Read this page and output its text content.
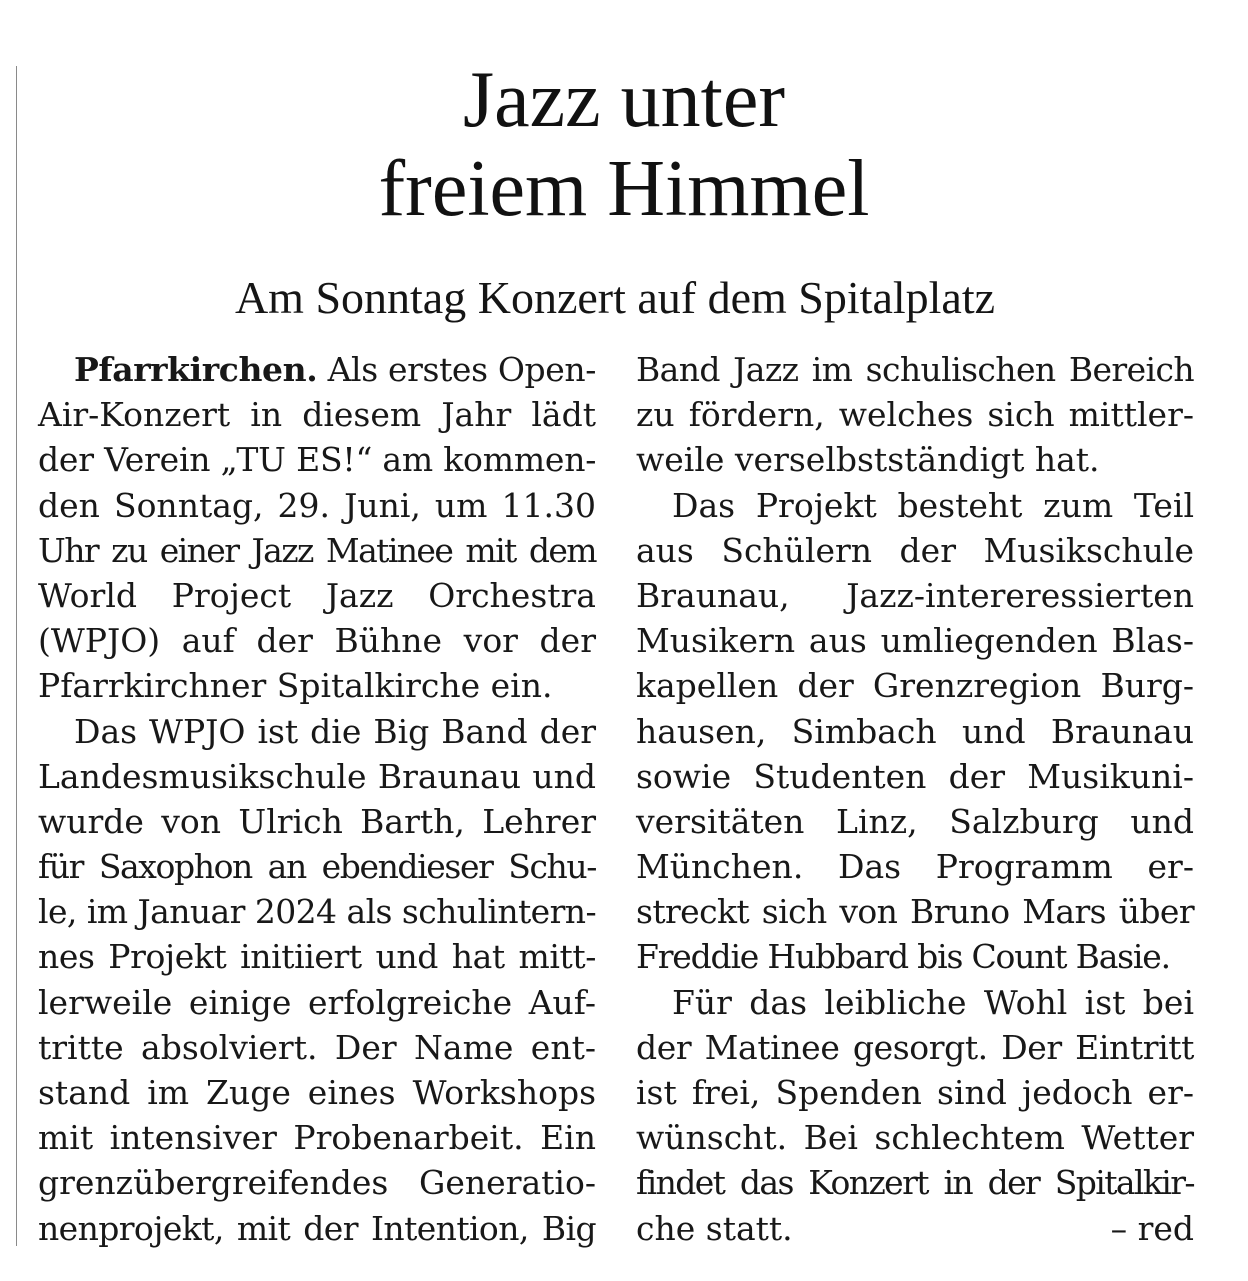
Jazz unter
freiem Himmel
Am Sonntag Konzert auf dem Spitalplatz
Pfarrkirchen. Als erstes Open-
Air-Konzert in diesem Jahr lädt
der Verein „TU ES!“ am kommen-
den Sonntag, 29. Juni, um 11.30
Uhr zu einer Jazz Matinee mit dem
World Project Jazz Orchestra
(WPJO) auf der Bühne vor der
Pfarrkirchner Spitalkirche ein.
Das WPJO ist die Big Band der
Landesmusikschule Braunau und
wurde von Ulrich Barth, Lehrer
für Saxophon an ebendieser Schu-
le, im Januar 2024 als schulintern-
nes Projekt initiiert und hat mitt-
lerweile einige erfolgreiche Auf-
tritte absolviert. Der Name ent-
stand im Zuge eines Workshops
mit intensiver Probenarbeit. Ein
grenzübergreifendes Generatio-
nenprojekt, mit der Intention, Big
Band Jazz im schulischen Bereich
zu fördern, welches sich mittler-
weile verselbstständigt hat.
Das Projekt besteht zum Teil
aus Schülern der Musikschule
Braunau, Jazz-intereressierten
Musikern aus umliegenden Blas-
kapellen der Grenzregion Burg-
hausen, Simbach und Braunau
sowie Studenten der Musikuni-
versitäten Linz, Salzburg und
München. Das Programm er-
streckt sich von Bruno Mars über
Freddie Hubbard bis Count Basie.
Für das leibliche Wohl ist bei
der Matinee gesorgt. Der Eintritt
ist frei, Spenden sind jedoch er-
wünscht. Bei schlechtem Wetter
findet das Konzert in der Spitalkir-
che statt.	– red
